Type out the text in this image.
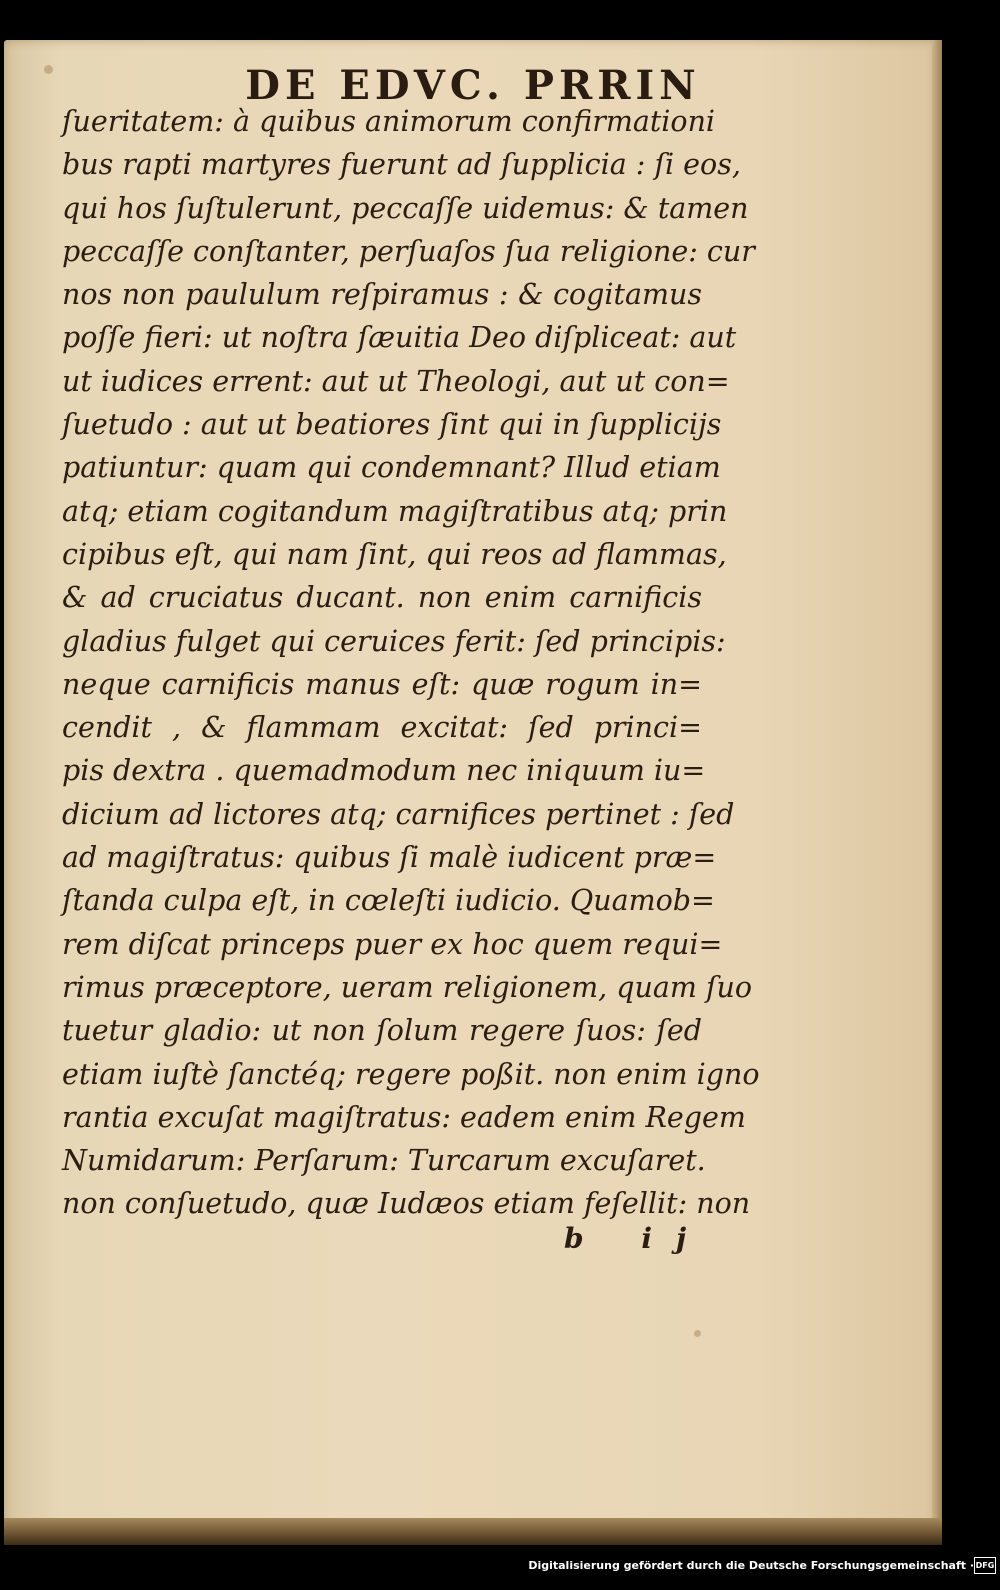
DE EDVC. PRRIN
ſueritatem: à quibus animorum confirmationi
bus rapti martyres fuerunt ad ſupplicia : ſi eos,
qui hos ſuſtulerunt, peccaſſe uidemus: & tamen
peccaſſe conſtanter, perſuaſos ſua religione: cur
nos non paululum reſpiramus : & cogitamus
poſſe fieri: ut noſtra ſæuitia Deo diſpliceat: aut
ut iudices errent: aut ut Theologi, aut ut con=
ſuetudo : aut ut beatiores ſint qui in ſupplicijs
patiuntur: quam qui condemnant? Illud etiam
atq; etiam cogitandum magiſtratibus atq; prin
cipibus eſt, qui nam ſint, qui reos ad flammas,
& ad cruciatus ducant. non enim carnificis
gladius fulget qui ceruices ferit: ſed principis:
neque carnificis manus eſt: quæ rogum in=
cendit , & flammam excitat: ſed princi=
pis dextra . quemadmodum nec iniquum iu=
dicium ad lictores atq; carnifices pertinet : ſed
ad magiſtratus: quibus ſi malè iudicent præ=
ſtanda culpa eſt, in cœleſti iudicio. Quamob=
rem diſcat princeps puer ex hoc quem requi=
rimus præceptore, ueram religionem, quam ſuo
tuetur gladio: ut non ſolum regere ſuos: ſed
etiam iuſtè ſanctéq; regere poßit. non enim igno
rantia excuſat magiſtratus: eadem enim Regem
Numidarum: Perſarum: Turcarum excuſaret.
non conſuetudo, quæ Iudæos etiam feſellit: non
b ij
Digitalisierung gefördert durch die Deutsche Forschungsgemeinschaft · DFG
